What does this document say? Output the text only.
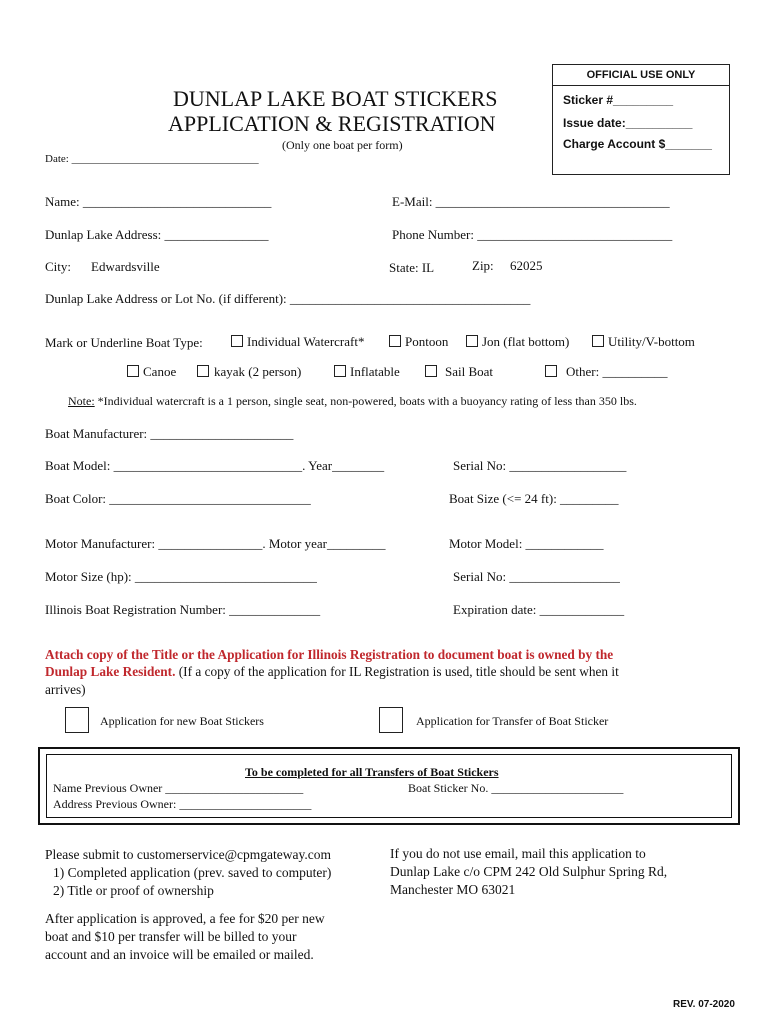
OFFICIAL USE ONLY
Sticker #_________
Issue date:__________
Charge Account $_______
DUNLAP LAKE BOAT STICKERS
APPLICATION & REGISTRATION
(Only one boat per form)
Date: __________________________________
Name: _____________________________	E-Mail: ____________________________________
Dunlap Lake Address: ________________	Phone Number: ______________________________
City: Edwardsville	State: IL	Zip: 62025
Dunlap Lake Address or Lot No. (if different): _____________________________________
Mark or Underline Boat Type:	Individual Watercraft*	Pontoon	Jon (flat bottom)	Utility/V-bottom
Canoe	kayak (2 person)	Inflatable	Sail Boat	Other: __________
Note: *Individual watercraft is a 1 person, single seat, non-powered, boats with a buoyancy rating of less than 350 lbs.
Boat Manufacturer: ______________________
Boat Model: _____________________________. Year________	Serial No: __________________
Boat Color: _______________________________	Boat Size (<= 24 ft): _________
Motor Manufacturer: ________________. Motor year_________	Motor Model: ____________
Motor Size (hp): ____________________________	Serial No: _________________
Illinois Boat Registration Number: ______________	Expiration date: _____________
Attach copy of the Title or the Application for Illinois Registration to document boat is owned by the
Dunlap Lake Resident. (If a copy of the application for IL Registration is used, title should be sent when it
arrives)
Application for new Boat Stickers	Application for Transfer of Boat Sticker
To be completed for all Transfers of Boat Stickers
Name Previous Owner _______________________	Boat Sticker No. ______________________
Address Previous Owner: ______________________
Please submit to customerservice@cpmgateway.com
1) Completed application (prev. saved to computer)
2) Title or proof of ownership
After application is approved, a fee for $20 per new
boat and $10 per transfer will be billed to your
account and an invoice will be emailed or mailed.
If you do not use email, mail this application to
Dunlap Lake c/o CPM 242 Old Sulphur Spring Rd,
Manchester MO 63021
REV. 07-2020
